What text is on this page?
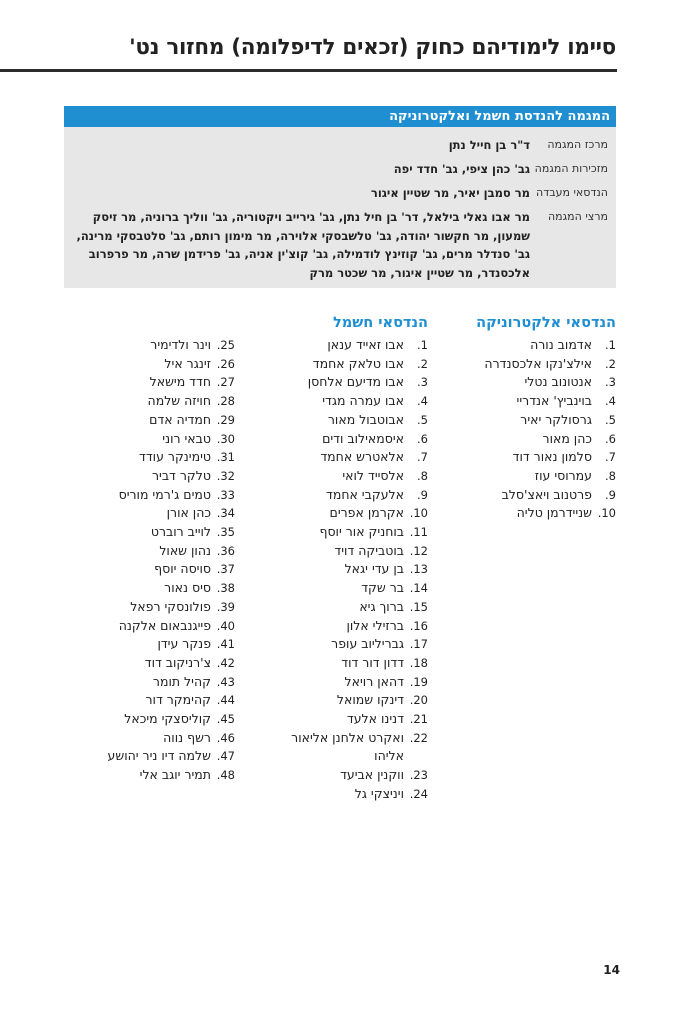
סיימו לימודיהם כחוק (זכאים לדיפלומה) מחזור נט'
המגמה להנדסת חשמל ואלקטרוניקה
מרכז המגמה
ד"ר בן חייל נתן
מזכירות המגמה
גב' כהן ציפי, גב' חדד יפה
הנדסאי מעבדה
מר סמבן יאיר, מר שטיין איגור
מרצי המגמה
מר אבו גאלי בילאל, דר' בן חיל נתן, גב' גירייב ויקטוריה, גב' ווליך ברוניה, מר זיסק שמעון, מר חקשור יהודה, גב' טלשבסקי אלוירה, מר מימון רותם, גב' סלטבסקי מרינה, גב' סנדלר מרים, גב' קוזינץ לודמילה, גב' קוצ'ין אניה, גב' פרידמן שרה, מר פרפרוב אלכסנדר, מר שטיין איגור, מר שכטר מרק
הנדסאי אלקטרוניקה
1.
אדמוב נורה
2.
אילצ'נקו אלכסנדרה
3.
אנטונוב נטלי
4.
בוינביץ' אנדריי
5.
גרסולקר יאיר
6.
כהן מאור
7.
סלמון נאור דוד
8.
עמרוסי עוז
9.
פרטנוב ויאצ'סלב
10.
שניידרמן טליה
הנדסאי חשמל
1.
אבו זאייד ענאן
2.
אבו טלאק אחמד
3.
אבו מדיעם אלחסן
4.
אבו עמרה מגדי
5.
אבוטבול מאור
6.
איסמאילוב ודים
7.
אלאטרש אחמד
8.
אלסייד לואי
9.
אלעקבי אחמד
10.
אקרמן אפרים
11.
בוחניק אור יוסף
12.
בוטביקה דויד
13.
בן עדי יגאל
14.
בר שקד
15.
ברוך גיא
16.
ברזילי אלון
17.
גבריליוב עופר
18.
דדון דור דוד
19.
דהאן רויאל
20.
דינקו שמואל
21.
דנינו אלעד
22.
ואקרט אלחנן אליאור אליהו
23.
ווקנין אביעד
24.
ויניצקי גל
25.
וינר ולדימיר
26.
זינגר איל
27.
חדד מישאל
28.
חויזה שלמה
29.
חמדיה אדם
30.
טבאי רוני
31.
טימינקר עודד
32.
טלקר דביר
33.
טמים ג'רמי מוריס
34.
כהן אורן
35.
לוייב רוברט
36.
נהון שאול
37.
סויסה יוסף
38.
סיס נאור
39.
פולונסקי רפאל
40.
פייגנבאום אלקנה
41.
פנקר עידן
42.
צ'רניקוב דוד
43.
קהיל תומר
44.
קהימקר דור
45.
קוליסצקי מיכאל
46.
רשף נווה
47.
שלמה דיו ניר יהושע
48.
תמיר יוגב אלי
14
